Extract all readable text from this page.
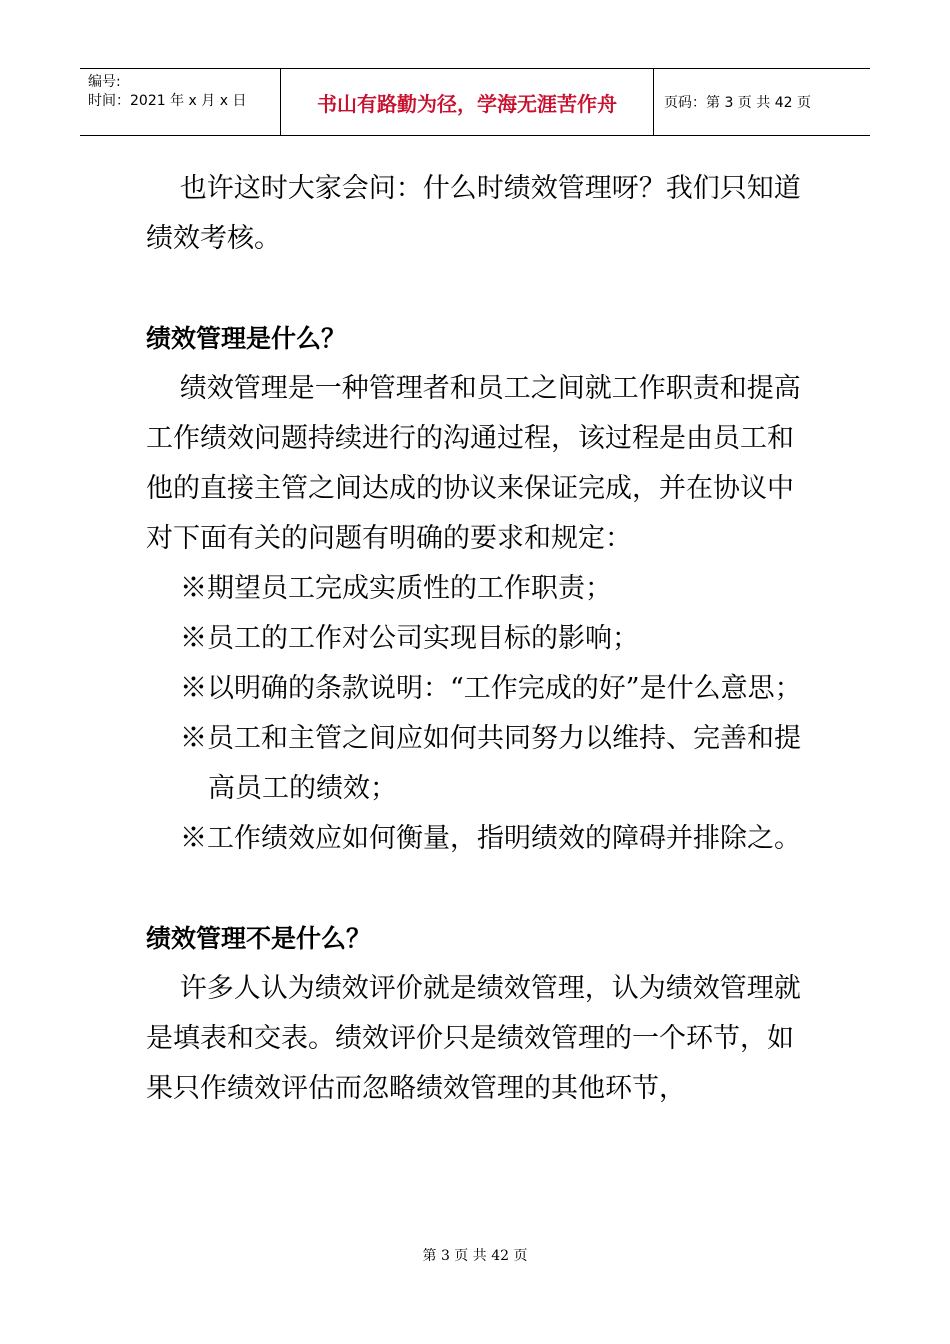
编号:
时间：2021 年 x 月 x 日	书山有路勤为径，学海无涯苦作舟	页码：第 3 页 共 42 页

也许这时大家会问：什么时绩效管理呀？我们只知道绩效考核。

绩效管理是什么？

绩效管理是一种管理者和员工之间就工作职责和提高工作绩效问题持续进行的沟通过程，该过程是由员工和他的直接主管之间达成的协议来保证完成，并在协议中对下面有关的问题有明确的要求和规定：

※期望员工完成实质性的工作职责；

※员工的工作对公司实现目标的影响；

※以明确的条款说明：“工作完成的好”是什么意思；

※员工和主管之间应如何共同努力以维持、完善和提高员工的绩效；

※工作绩效应如何衡量，指明绩效的障碍并排除之。

绩效管理不是什么？

许多人认为绩效评价就是绩效管理，认为绩效管理就是填表和交表。绩效评价只是绩效管理的一个环节，如果只作绩效评估而忽略绩效管理的其他环节，

第 3 页 共 42 页
